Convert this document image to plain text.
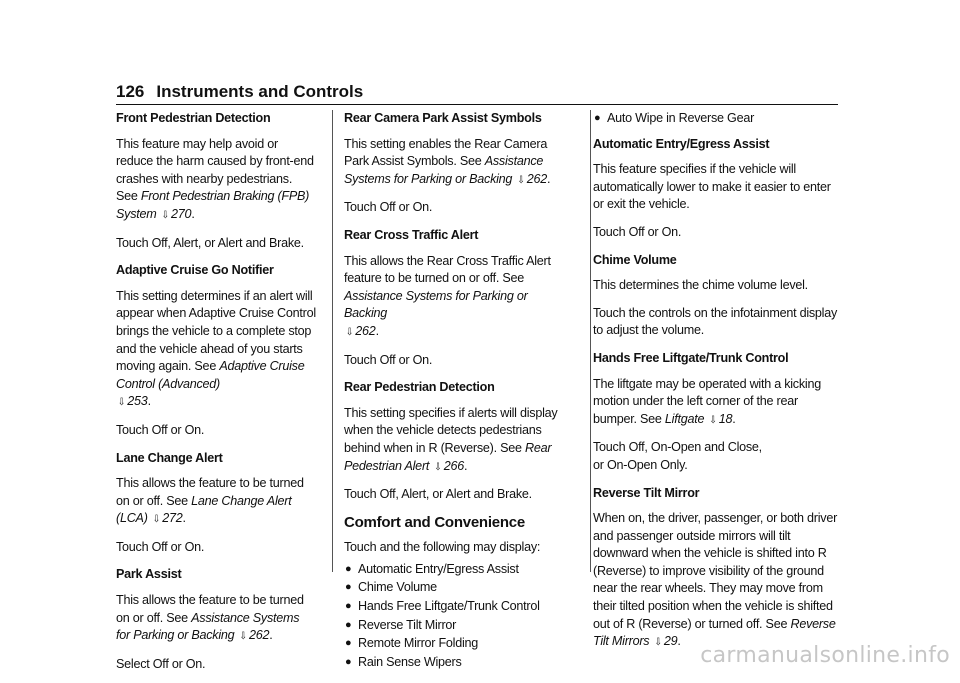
126 Instruments and Controls

Front Pedestrian Detection

This feature may help avoid or reduce the harm caused by front-end crashes with nearby pedestrians. See Front Pedestrian Braking (FPB) System ⇩ 270.

Touch Off, Alert, or Alert and Brake.

Adaptive Cruise Go Notifier

This setting determines if an alert will appear when Adaptive Cruise Control brings the vehicle to a complete stop and the vehicle ahead of you starts moving again. See Adaptive Cruise Control (Advanced)
⇩ 253.

Touch Off or On.

Lane Change Alert

This allows the feature to be turned on or off. See Lane Change Alert (LCA) ⇩ 272.

Touch Off or On.

Park Assist

This allows the feature to be turned on or off. See Assistance Systems for Parking or Backing ⇩ 262.

Select Off or On.

Rear Camera Park Assist Symbols

This setting enables the Rear Camera Park Assist Symbols. See Assistance Systems for Parking or Backing ⇩ 262.

Touch Off or On.

Rear Cross Traffic Alert

This allows the Rear Cross Traffic Alert feature to be turned on or off. See Assistance Systems for Parking or Backing
⇩ 262.

Touch Off or On.

Rear Pedestrian Detection

This setting specifies if alerts will display when the vehicle detects pedestrians behind when in R (Reverse). See Rear Pedestrian Alert ⇩ 266.

Touch Off, Alert, or Alert and Brake.

Comfort and Convenience

Touch and the following may display:

● Automatic Entry/Egress Assist
● Chime Volume
● Hands Free Liftgate/Trunk Control
● Reverse Tilt Mirror
● Remote Mirror Folding
● Rain Sense Wipers
● Auto Wipe in Reverse Gear

Automatic Entry/Egress Assist

This feature specifies if the vehicle will automatically lower to make it easier to enter or exit the vehicle.

Touch Off or On.

Chime Volume

This determines the chime volume level.

Touch the controls on the infotainment display to adjust the volume.

Hands Free Liftgate/Trunk Control

The liftgate may be operated with a kicking motion under the left corner of the rear bumper. See Liftgate ⇩ 18.

Touch Off, On-Open and Close,
or On-Open Only.

Reverse Tilt Mirror

When on, the driver, passenger, or both driver and passenger outside mirrors will tilt downward when the vehicle is shifted into R (Reverse) to improve visibility of the ground near the rear wheels. They may move from their tilted position when the vehicle is shifted out of R (Reverse) or turned off. See Reverse Tilt Mirrors ⇩ 29.

carmanualsonline.info
